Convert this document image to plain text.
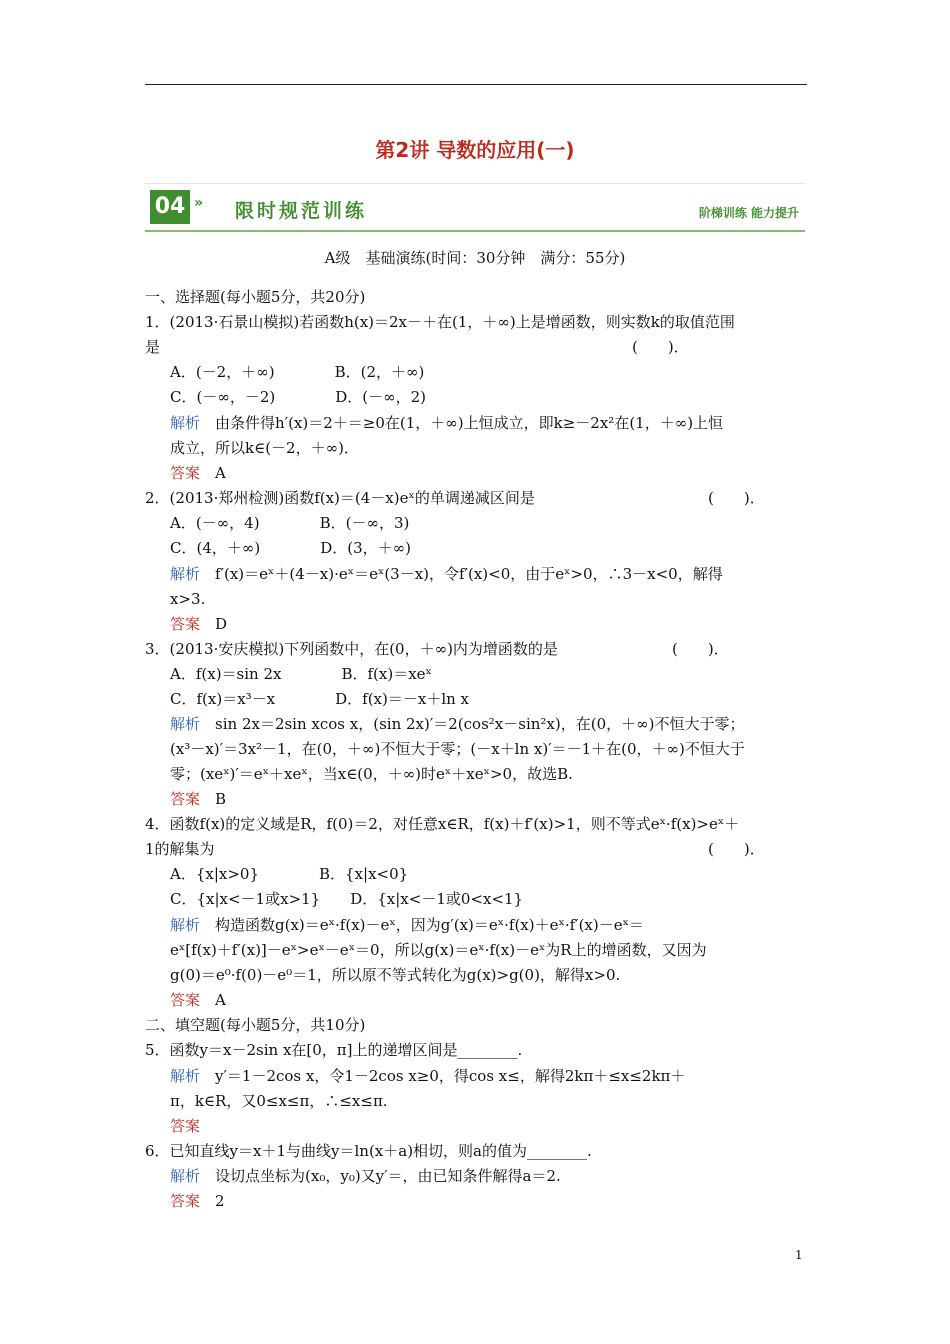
第2讲 导数的应用(一)
04 » 限时规范训练	阶梯训练 能力提升
A级　基础演练(时间：30分钟　满分：55分)
一、选择题(每小题5分，共20分)
1．(2013·石景山模拟)若函数h(x)＝2x－＋在(1，＋∞)上是增函数，则实数k的取值范围
是	(　　)．
A．(－2，＋∞)　　　　B．(2，＋∞)
C．(－∞，－2)　　　　D．(－∞，2)
解析　由条件得h′(x)＝2＋＝≥0在(1，＋∞)上恒成立，即k≥－2x²在(1，＋∞)上恒
成立，所以k∈(－2，＋∞)．
答案　A
2．(2013·郑州检测)函数f(x)＝(4－x)eˣ的单调递减区间是	(　　)．
A．(－∞，4)　　　　B．(－∞，3)
C．(4，＋∞)　　　　D．(3，＋∞)
解析　f′(x)＝eˣ＋(4－x)·eˣ＝eˣ(3－x)，令f′(x)<0，由于eˣ>0，∴3－x<0，解得
x>3.
答案　D
3．(2013·安庆模拟)下列函数中，在(0，＋∞)内为增函数的是	(　　)．
A．f(x)＝sin 2x　　　　B．f(x)＝xeˣ
C．f(x)＝x³－x　　　　D．f(x)＝－x＋ln x
解析　sin 2x＝2sin xcos x，(sin 2x)′＝2(cos²x－sin²x)，在(0，＋∞)不恒大于零；
(x³－x)′＝3x²－1，在(0，＋∞)不恒大于零；(－x＋ln x)′＝－1＋在(0，＋∞)不恒大于
零；(xeˣ)′＝eˣ＋xeˣ，当x∈(0，＋∞)时eˣ＋xeˣ>0，故选B.
答案　B
4．函数f(x)的定义域是R，f(0)＝2，对任意x∈R，f(x)＋f′(x)>1，则不等式eˣ·f(x)>eˣ＋
1的解集为	(　　)．
A．{x|x>0}　　　　B．{x|x<0}
C．{x|x<－1或x>1}　　D．{x|x<－1或0<x<1}
解析　构造函数g(x)＝eˣ·f(x)－eˣ，因为g′(x)＝eˣ·f(x)＋eˣ·f′(x)－eˣ＝
eˣ[f(x)＋f′(x)]－eˣ>eˣ－eˣ＝0，所以g(x)＝eˣ·f(x)－eˣ为R上的增函数，又因为
g(0)＝e⁰·f(0)－e⁰＝1，所以原不等式转化为g(x)>g(0)，解得x>0.
答案　A
二、填空题(每小题5分，共10分)
5．函数y＝x－2sin x在[0，π]上的递增区间是________.
解析　y′＝1－2cos x，令1－2cos x≥0，得cos x≤，解得2kπ＋≤x≤2kπ＋
π，k∈R，又0≤x≤π，∴≤x≤π.
答案
6．已知直线y＝x＋1与曲线y＝ln(x＋a)相切，则a的值为________.
解析　设切点坐标为(x₀，y₀)又y′＝，由已知条件解得a＝2.
答案　2
1
